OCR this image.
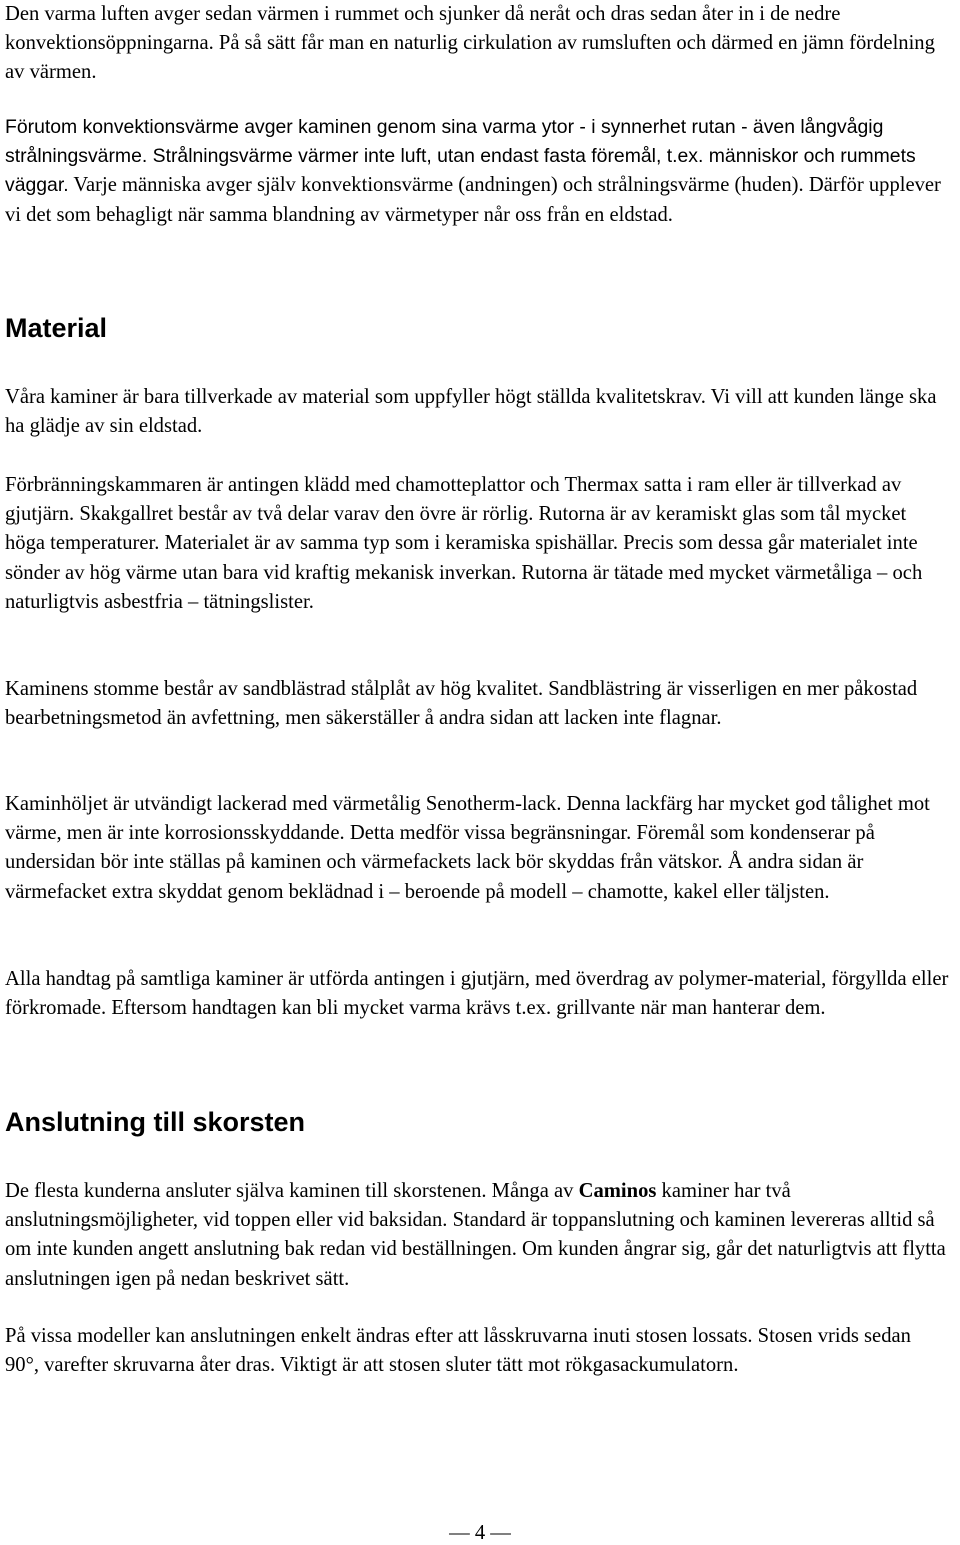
Den varma luften avger sedan värmen i rummet och sjunker då neråt och dras sedan åter in i de nedre konvektionsöppningarna. På så sätt får man en naturlig cirkulation av rumsluften och därmed en jämn fördelning av värmen.

Förutom konvektionsvärme avger kaminen genom sina varma ytor - i synnerhet rutan - även långvågig strålningsvärme. Strålningsvärme värmer inte luft, utan endast fasta föremål, t.ex. människor och rummets väggar. Varje människa avger själv konvektionsvärme (andningen) och strålningsvärme (huden). Därför upplever vi det som behagligt när samma blandning av värmetyper når oss från en eldstad.

Material

Våra kaminer är bara tillverkade av material som uppfyller högt ställda kvalitetskrav. Vi vill att kunden länge ska ha glädje av sin eldstad.

Förbränningskammaren är antingen klädd med chamotteplattor och Thermax satta i ram eller är tillverkad av gjutjärn. Skakgallret består av två delar varav den övre är rörlig. Rutorna är av keramiskt glas som tål mycket höga temperaturer. Materialet är av samma typ som i keramiska spishällar. Precis som dessa går materialet inte sönder av hög värme utan bara vid kraftig mekanisk inverkan. Rutorna är tätade med mycket värmetåliga – och naturligtvis asbestfria – tätningslister.

Kaminens stomme består av sandblästrad stålplåt av hög kvalitet. Sandblästring är visserligen en mer påkostad bearbetningsmetod än avfettning, men säkerställer å andra sidan att lacken inte flagnar.

Kaminhöljet är utvändigt lackerad med värmetålig Senotherm-lack. Denna lackfärg har mycket god tålighet mot värme, men är inte korrosionsskyddande. Detta medför vissa begränsningar. Föremål som kondenserar på undersidan bör inte ställas på kaminen och värmefackets lack bör skyddas från vätskor. Å andra sidan är värmefacket extra skyddat genom beklädnad i – beroende på modell – chamotte, kakel eller täljsten.

Alla handtag på samtliga kaminer är utförda antingen i gjutjärn, med överdrag av polymer-material, förgyllda eller förkromade. Eftersom handtagen kan bli mycket varma krävs t.ex. grillvante när man hanterar dem.

Anslutning till skorsten

De flesta kunderna ansluter själva kaminen till skorstenen. Många av Caminos kaminer har två anslutningsmöjligheter, vid toppen eller vid baksidan. Standard är toppanslutning och kaminen levereras alltid så om inte kunden angett anslutning bak redan vid beställningen. Om kunden ångrar sig, går det naturligtvis att flytta anslutningen igen på nedan beskrivet sätt.

På vissa modeller kan anslutningen enkelt ändras efter att låsskruvarna inuti stosen lossats. Stosen vrids sedan 90°, varefter skruvarna åter dras. Viktigt är att stosen sluter tätt mot rökgasackumulatorn.

— 4 —
